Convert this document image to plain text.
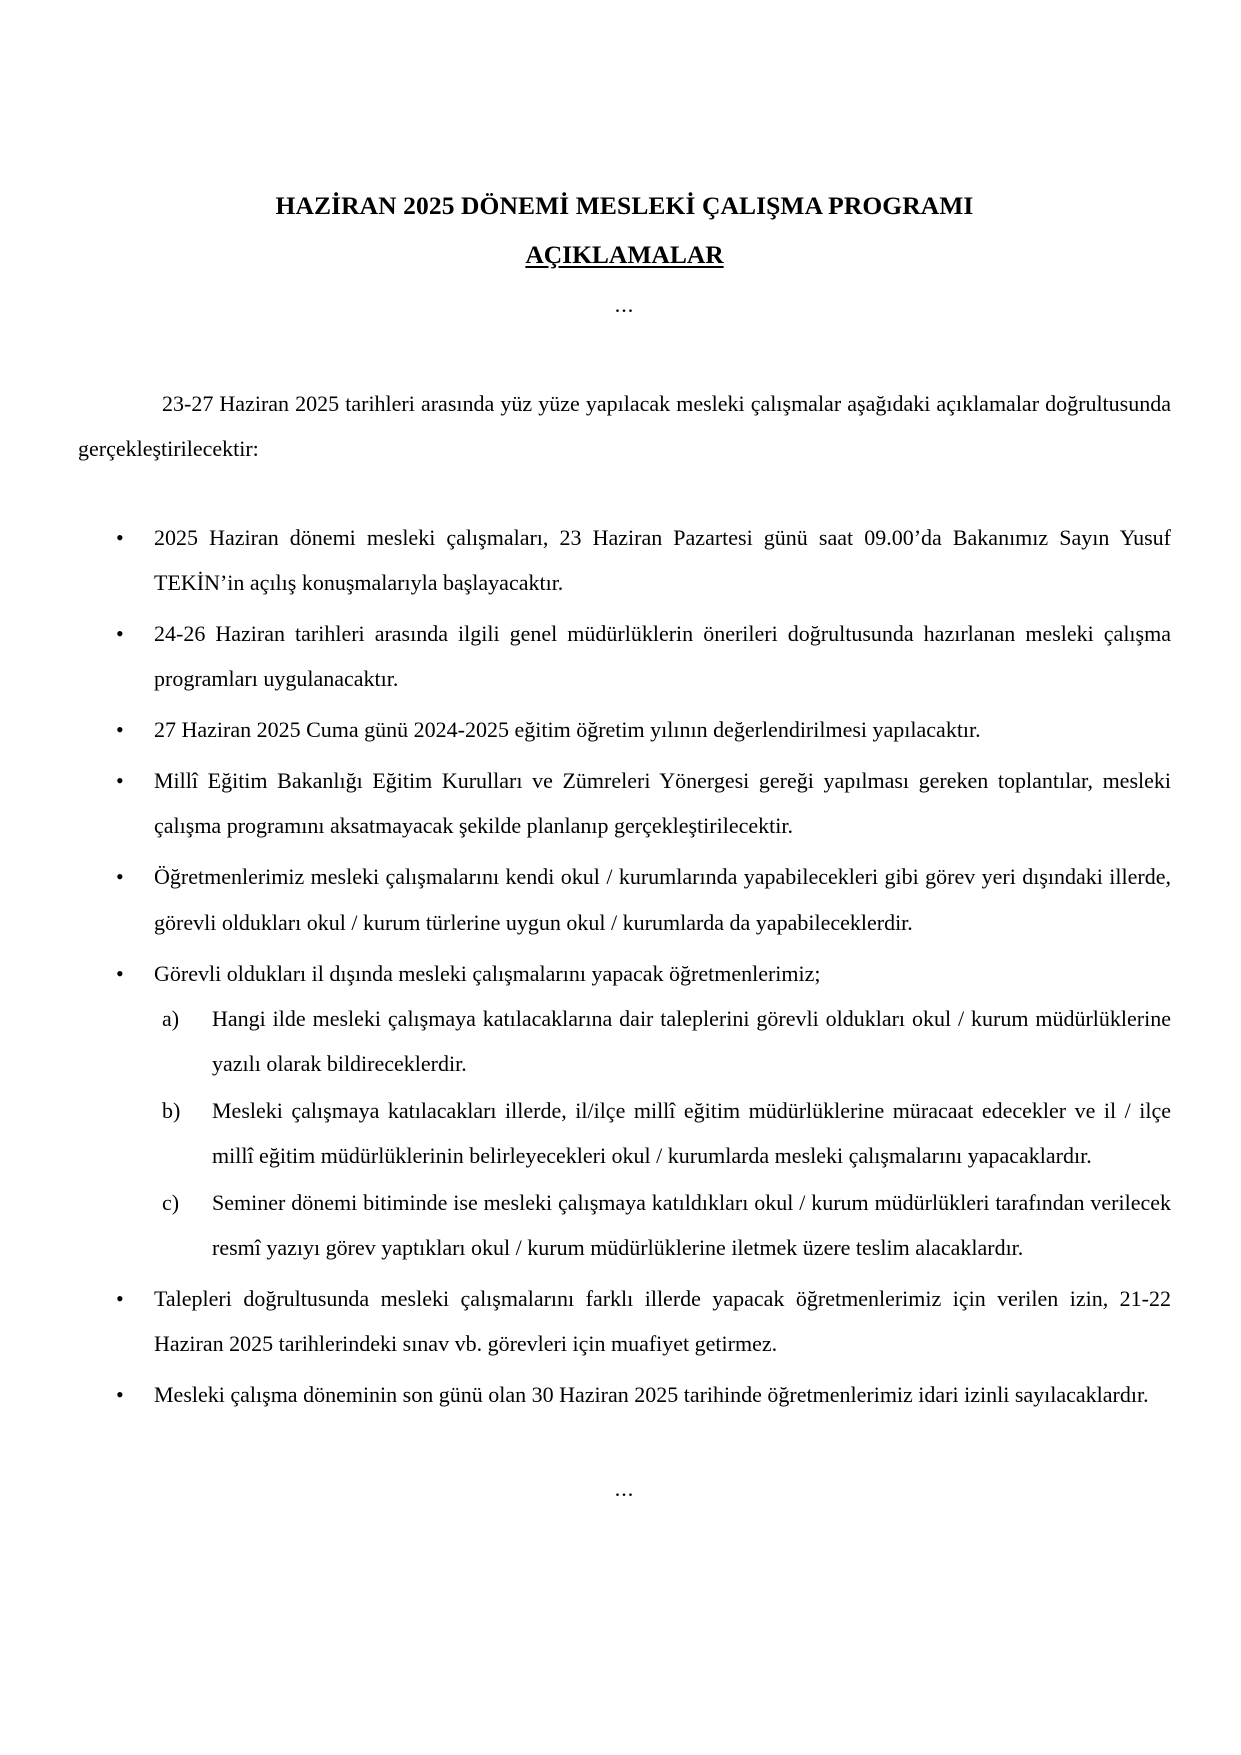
HAZİRAN 2025 DÖNEMİ MESLEKİ ÇALIŞMA PROGRAMI
AÇIKLAMALAR
...

23-27 Haziran 2025 tarihleri arasında yüz yüze yapılacak mesleki çalışmalar aşağıdaki açıklamalar doğrultusunda gerçekleştirilecektir:

• 2025 Haziran dönemi mesleki çalışmaları, 23 Haziran Pazartesi günü saat 09.00’da Bakanımız Sayın Yusuf TEKİN’in açılış konuşmalarıyla başlayacaktır.
• 24-26 Haziran tarihleri arasında ilgili genel müdürlüklerin önerileri doğrultusunda hazırlanan mesleki çalışma programları uygulanacaktır.
• 27 Haziran 2025 Cuma günü 2024-2025 eğitim öğretim yılının değerlendirilmesi yapılacaktır.
• Millî Eğitim Bakanlığı Eğitim Kurulları ve Zümreleri Yönergesi gereği yapılması gereken toplantılar, mesleki çalışma programını aksatmayacak şekilde planlanıp gerçekleştirilecektir.
• Öğretmenlerimiz mesleki çalışmalarını kendi okul / kurumlarında yapabilecekleri gibi görev yeri dışındaki illerde, görevli oldukları okul / kurum türlerine uygun okul / kurumlarda da yapabileceklerdir.
• Görevli oldukları il dışında mesleki çalışmalarını yapacak öğretmenlerimiz;
a) Hangi ilde mesleki çalışmaya katılacaklarına dair taleplerini görevli oldukları okul / kurum müdürlüklerine yazılı olarak bildireceklerdir.
b) Mesleki çalışmaya katılacakları illerde, il/ilçe millî eğitim müdürlüklerine müracaat edecekler ve il / ilçe millî eğitim müdürlüklerinin belirleyecekleri okul / kurumlarda mesleki çalışmalarını yapacaklardır.
c) Seminer dönemi bitiminde ise mesleki çalışmaya katıldıkları okul / kurum müdürlükleri tarafından verilecek resmî yazıyı görev yaptıkları okul / kurum müdürlüklerine iletmek üzere teslim alacaklardır.
• Talepleri doğrultusunda mesleki çalışmalarını farklı illerde yapacak öğretmenlerimiz için verilen izin, 21-22 Haziran 2025 tarihlerindeki sınav vb. görevleri için muafiyet getirmez.
• Mesleki çalışma döneminin son günü olan 30 Haziran 2025 tarihinde öğretmenlerimiz idari izinli sayılacaklardır.
...
